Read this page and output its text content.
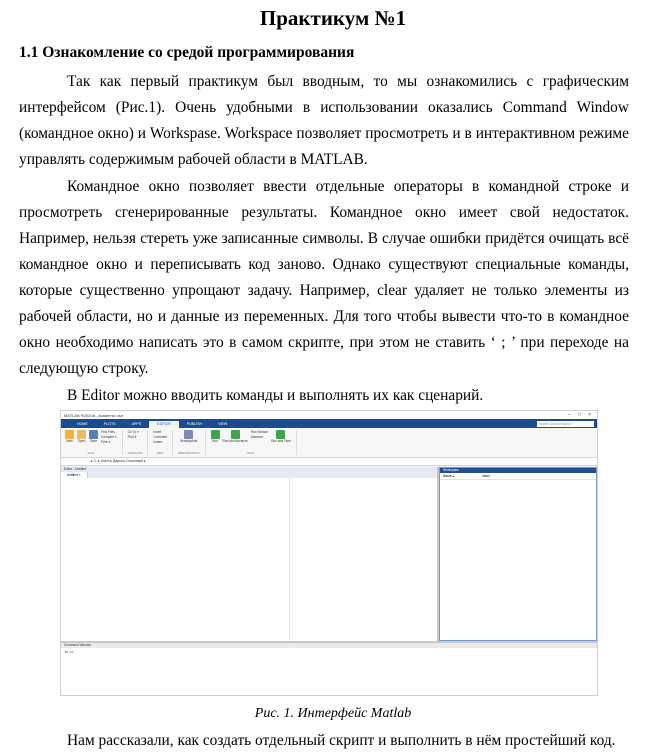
Практикум №1
1.1 Ознакомление со средой программирования

Так как первый практикум был вводным, то мы ознакомились с графическим интерфейсом (Рис.1). Очень удобными в использовании оказались Command Window (командное окно) и Workspase. Workspace позволяет просмотреть и в интерактивном режиме управлять содержимым рабочей области в MATLAB.

Командное окно позволяет ввести отдельные операторы в командной строке и просмотреть сгенерированные результаты. Командное окно имеет свой недостаток. Например, нельзя стереть уже записанные символы. В случае ошибки придётся очищать всё командное окно и переписывать код заново. Однако существуют специальные команды, которые существенно упрощают задачу. Например, clear удаляет не только элементы из рабочей области, но и данные из переменных. Для того чтобы вывести что-то в командное окно необходимо написать это в самом скрипте, при этом не ставить ‘ ; ’ при переходе на следующую строку.

В Editor можно вводить команды и выполнять их как сценарий.

MATLAB R2020a - academic use	– □ ×
HOME	PLOTS	APPS	EDITOR	PUBLISH	VIEW	Search Documentation
New Open Save
Find Files
Compare ▾
Print ▾
FILE
Go To ▾
Find ▾
NAVIGATE
Insert
Comment
Indent
EDIT
Breakpoints
BREAKPOINTS
Run Run and Advance
Run Section
Advance
Run and Time
RUN
▸ C: ▸ Users ▸ Дарья ▸ Downloads ▸
Editor - Untitled
Untitled ×
Workspace
Name ▴	Value
Command Window
fx >>
Рис. 1. Интерфейс Matlab

Нам рассказали, как создать отдельный скрипт и выполнить в нём простейший код.
